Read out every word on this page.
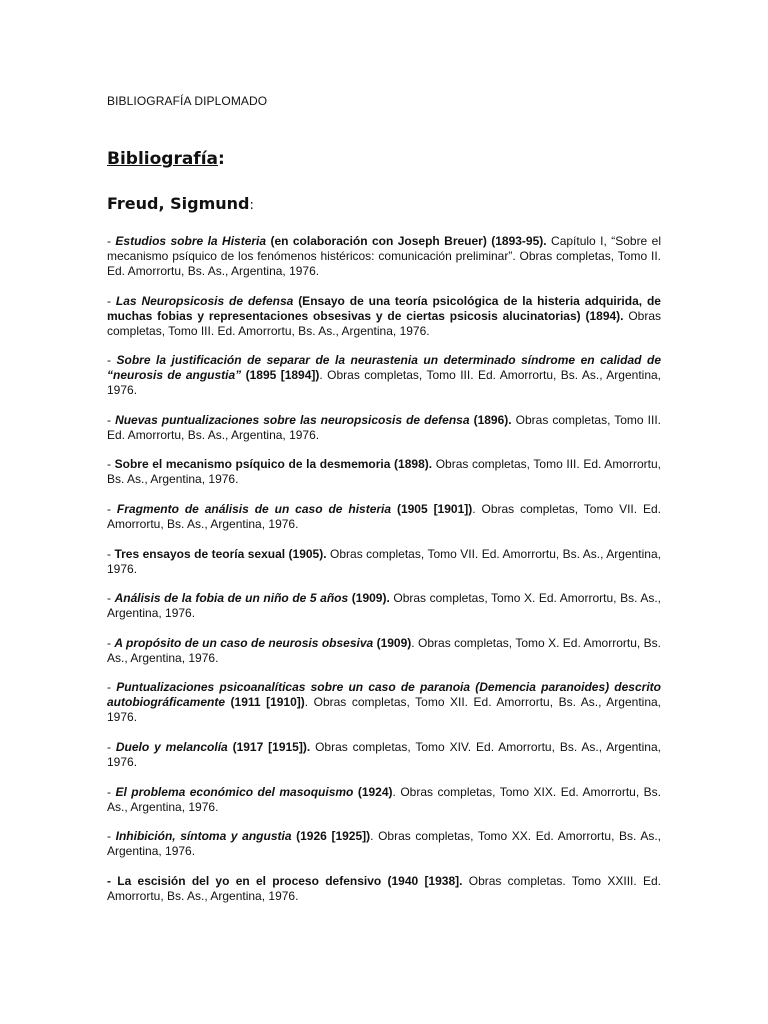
BIBLIOGRAFÍA DIPLOMADO
Bibliografía:
Freud, Sigmund:

- Estudios sobre la Histeria (en colaboración con Joseph Breuer) (1893-95). Capítulo I, “Sobre el mecanismo psíquico de los fenómenos histéricos: comunicación preliminar”. Obras completas, Tomo II. Ed. Amorrortu, Bs. As., Argentina, 1976.

- Las Neuropsicosis de defensa (Ensayo de una teoría psicológica de la histeria adquirida, de muchas fobias y representaciones obsesivas y de ciertas psicosis alucinatorias) (1894). Obras completas, Tomo III. Ed. Amorrortu, Bs. As., Argentina, 1976.

- Sobre la justificación de separar de la neurastenia un determinado síndrome en calidad de “neurosis de angustia” (1895 [1894]). Obras completas, Tomo III. Ed. Amorrortu, Bs. As., Argentina, 1976.

- Nuevas puntualizaciones sobre las neuropsicosis de defensa (1896). Obras completas, Tomo III. Ed. Amorrortu, Bs. As., Argentina, 1976.

- Sobre el mecanismo psíquico de la desmemoria (1898). Obras completas, Tomo III. Ed. Amorrortu, Bs. As., Argentina, 1976.

- Fragmento de análisis de un caso de histeria (1905 [1901]). Obras completas, Tomo VII. Ed. Amorrortu, Bs. As., Argentina, 1976.

- Tres ensayos de teoría sexual (1905). Obras completas, Tomo VII. Ed. Amorrortu, Bs. As., Argentina, 1976.

- Análisis de la fobia de un niño de 5 años (1909). Obras completas, Tomo X. Ed. Amorrortu, Bs. As., Argentina, 1976.

- A propósito de un caso de neurosis obsesiva (1909). Obras completas, Tomo X. Ed. Amorrortu, Bs. As., Argentina, 1976.

- Puntualizaciones psicoanalíticas sobre un caso de paranoia (Demencia paranoides) descrito autobiográficamente (1911 [1910]). Obras completas, Tomo XII. Ed. Amorrortu, Bs. As., Argentina, 1976.

- Duelo y melancolía (1917 [1915]). Obras completas, Tomo XIV. Ed. Amorrortu, Bs. As., Argentina, 1976.

- El problema económico del masoquismo (1924). Obras completas, Tomo XIX. Ed. Amorrortu, Bs. As., Argentina, 1976.

- Inhibición, síntoma y angustia (1926 [1925]). Obras completas, Tomo XX. Ed. Amorrortu, Bs. As., Argentina, 1976.

- La escisión del yo en el proceso defensivo (1940 [1938]. Obras completas. Tomo XXIII. Ed. Amorrortu, Bs. As., Argentina, 1976.
